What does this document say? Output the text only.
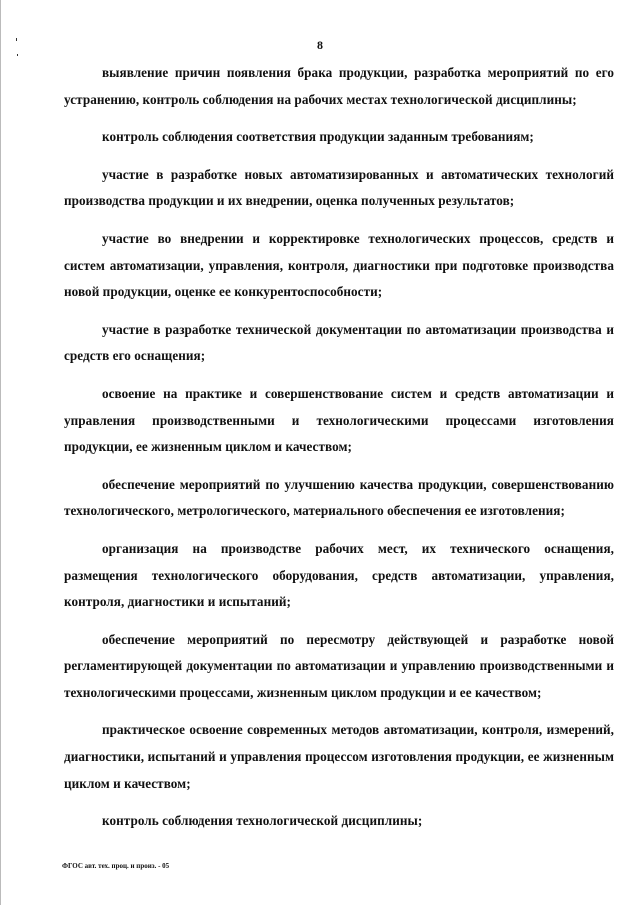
8

выявление причин появления брака продукции, разработка мероприятий по его устранению, контроль соблюдения на рабочих местах технологической дисциплины;

контроль соблюдения соответствия продукции заданным требованиям;

участие в разработке новых автоматизированных и автоматических технологий производства продукции и их внедрении, оценка полученных результатов;

участие во внедрении и корректировке технологических процессов, средств и систем автоматизации, управления, контроля, диагностики при подготовке производства новой продукции, оценке ее конкурентоспособности;

участие в разработке технической документации по автоматизации производства и средств его оснащения;

освоение на практике и совершенствование систем и средств автоматизации и управления производственными и технологическими процессами изготовления продукции, ее жизненным циклом и качеством;

обеспечение мероприятий по улучшению качества продукции, совершенствованию технологического, метрологического, материального обеспечения ее изготовления;

организация на производстве рабочих мест, их технического оснащения, размещения технологического оборудования, средств автоматизации, управления, контроля, диагностики и испытаний;

обеспечение мероприятий по пересмотру действующей и разработке новой регламентирующей документации по автоматизации и управлению производственными и технологическими процессами, жизненным циклом продукции и ее качеством;

практическое освоение современных методов автоматизации, контроля, измерений, диагностики, испытаний и управления процессом изготовления продукции, ее жизненным циклом и качеством;

контроль соблюдения технологической дисциплины;

ФГОС авт. тех. проц. и произ. - 05
